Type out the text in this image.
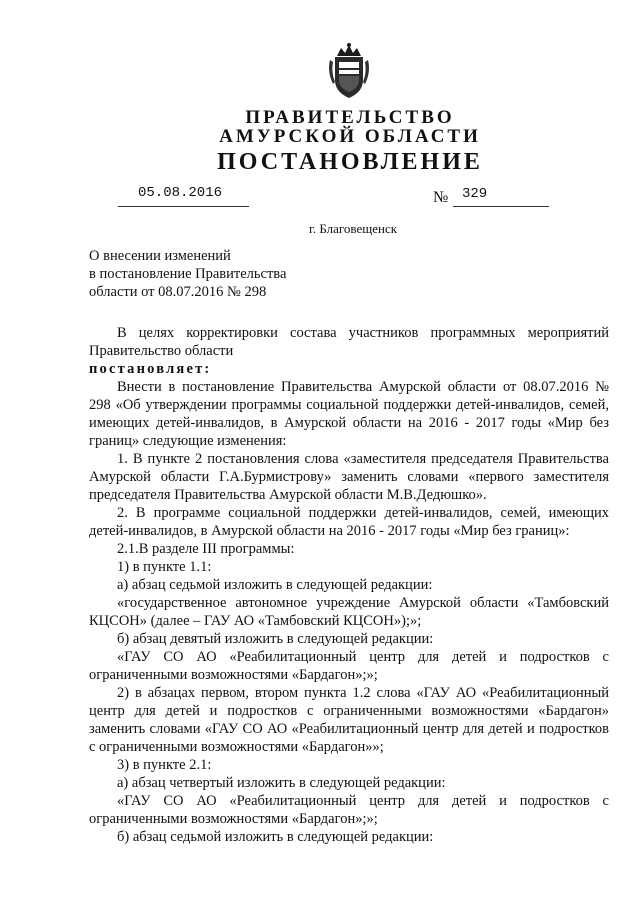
ПРАВИТЕЛЬСТВО
АМУРСКОЙ ОБЛАСТИ
ПОСТАНОВЛЕНИЕ
05.08.2016	№ 329
г. Благовещенск
О внесении изменений
в постановление Правительства
области от 08.07.2016 № 298

В целях корректировки состава участников программных мероприятий Правительство области

постановляет:

Внести в постановление Правительства Амурской области от 08.07.2016 № 298 «Об утверждении программы социальной поддержки детей-инвалидов, семей, имеющих детей-инвалидов, в Амурской области на 2016 - 2017 годы «Мир без границ» следующие изменения:

1. В пункте 2 постановления слова «заместителя председателя Правительства Амурской области Г.А.Бурмистрову» заменить словами «первого заместителя председателя Правительства Амурской области М.В.Дедюшко».

2. В программе социальной поддержки детей-инвалидов, семей, имеющих детей-инвалидов, в Амурской области на 2016 - 2017 годы «Мир без границ»:

2.1.В разделе III программы:

1) в пункте 1.1:

а) абзац седьмой изложить в следующей редакции:

«государственное автономное учреждение Амурской области «Тамбовский КЦСОН» (далее – ГАУ АО «Тамбовский КЦСОН»);»;

б) абзац девятый изложить в следующей редакции:

«ГАУ СО АО «Реабилитационный центр для детей и подростков с ограниченными возможностями «Бардагон»;»;

2) в абзацах первом, втором пункта 1.2 слова «ГАУ АО «Реабилитационный центр для детей и подростков с ограниченными возможностями «Бардагон» заменить словами «ГАУ СО АО «Реабилитационный центр для детей и подростков с ограниченными возможностями «Бардагон»»;

3) в пункте 2.1:

а) абзац четвертый изложить в следующей редакции:

«ГАУ СО АО «Реабилитационный центр для детей и подростков с ограниченными возможностями «Бардагон»;»;

б) абзац седьмой изложить в следующей редакции:
